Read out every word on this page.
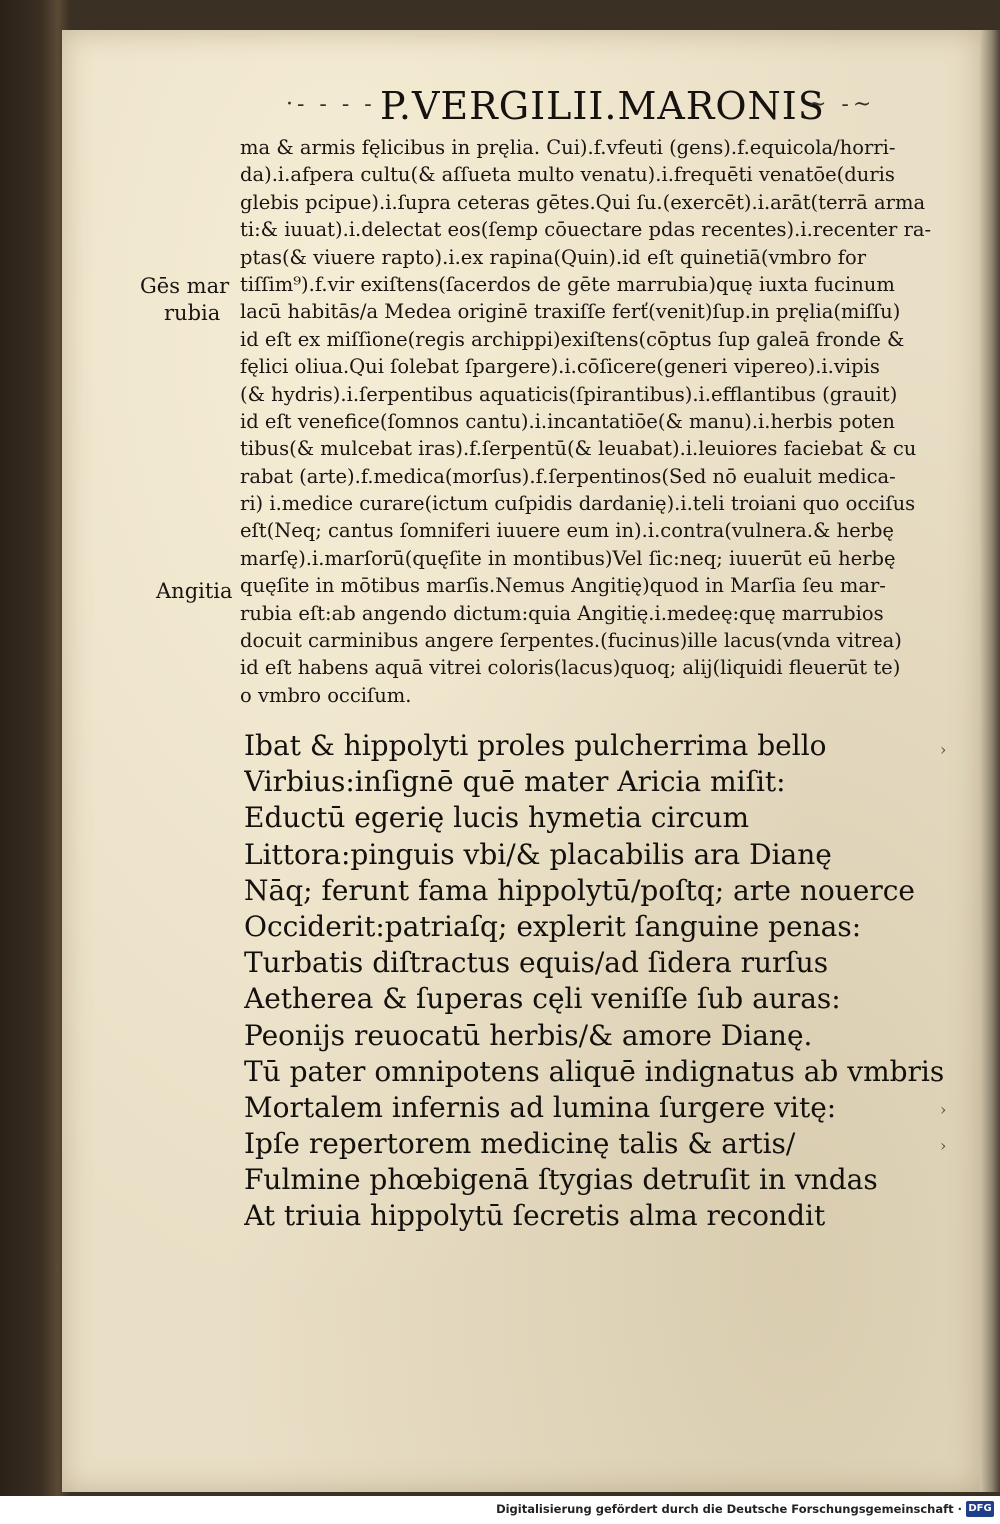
·- - - - P.VERGILII.MARONIS
~ -~
Gēs mar
rubia
Angitia
ma & armis fęlicibus in pręlia. Cui).f.vfeuti (gens).f.equicola/horri-
da).i.afpera cultu(& aſſueta multo venatu).i.frequēti venatōe(duris
glebis pcipue).i.ſupra ceteras gētes.Qui ſu.(exercēt).i.arāt(terrā arma
ti:& iuuat).i.delectat eos(ſemp cōuectare pdas recentes).i.recenter ra-
ptas(& viuere rapto).i.ex rapina(Quin).id eſt quinetiā(vmbro for
tiſſim⁹).f.vir exiſtens(ſacerdos de gēte marrubia)quę iuxta fucinum
lacū habitās/a Medea originē traxiſſe ferť(venit)ſup.in pręlia(miſſu)
id eſt ex miſſione(regis archippi)exiſtens(cōptus ſup galeā fronde &
fęlici oliua.Qui ſolebat ſpargere).i.cōſicere(generi vipereo).i.vipis
(& hydris).i.ſerpentibus aquaticis(ſpirantibus).i.efflantibus (grauit)
id eſt venefice(ſomnos cantu).i.incantatiōe(& manu).i.herbis poten
tibus(& mulcebat iras).f.ſerpentū(& leuabat).i.leuiores faciebat & cu
rabat (arte).f.medica(morſus).f.ſerpentinos(Sed nō eualuit medica-
ri) i.medice curare(ictum cuſpidis dardanię).i.teli troiani quo occiſus
eſt(Neq; cantus ſomniferi iuuere eum in).i.contra(vulnera.& herbę
marſę).i.marſorū(quęſite in montibus)Vel ſic:neq; iuuerūt eū herbę
quęſite in mōtibus marſis.Nemus Angitię)quod in Marſia ſeu mar-
rubia eſt:ab angendo dictum:quia Angitię.i.medeę:quę marrubios
docuit carminibus angere ſerpentes.(fucinus)ille lacus(vnda vitrea)
id eſt habens aquā vitrei coloris(lacus)quoq; alij(liquidi fleuerūt te)
o vmbro occiſum.
Ibat & hippolyti proles pulcherrima bello
Virbius:inſignē quē mater Aricia miſit:
Eductū egerię lucis hymetia circum
Littora:pinguis vbi/& placabilis ara Dianę
Nāq; ferunt fama hippolytū/poſtq; arte nouerce
Occiderit:patriaſq; explerit ſanguine penas:
Turbatis diſtractus equis/ad ſidera rurſus
Aetherea & ſuperas cęli veniſſe ſub auras:
Peonijs reuocatū herbis/& amore Dianę.
Tū pater omnipotens aliquē indignatus ab vmbris
Mortalem infernis ad lumina ſurgere vitę:
Ipſe repertorem medicinę talis & artis/
Fulmine phœbigenā ſtygias detruſit in vndas
At triuia hippolytū ſecretis alma recondit
›
›
›
Digitalisierung gefördert durch die Deutsche Forschungsgemeinschaft · DFG
